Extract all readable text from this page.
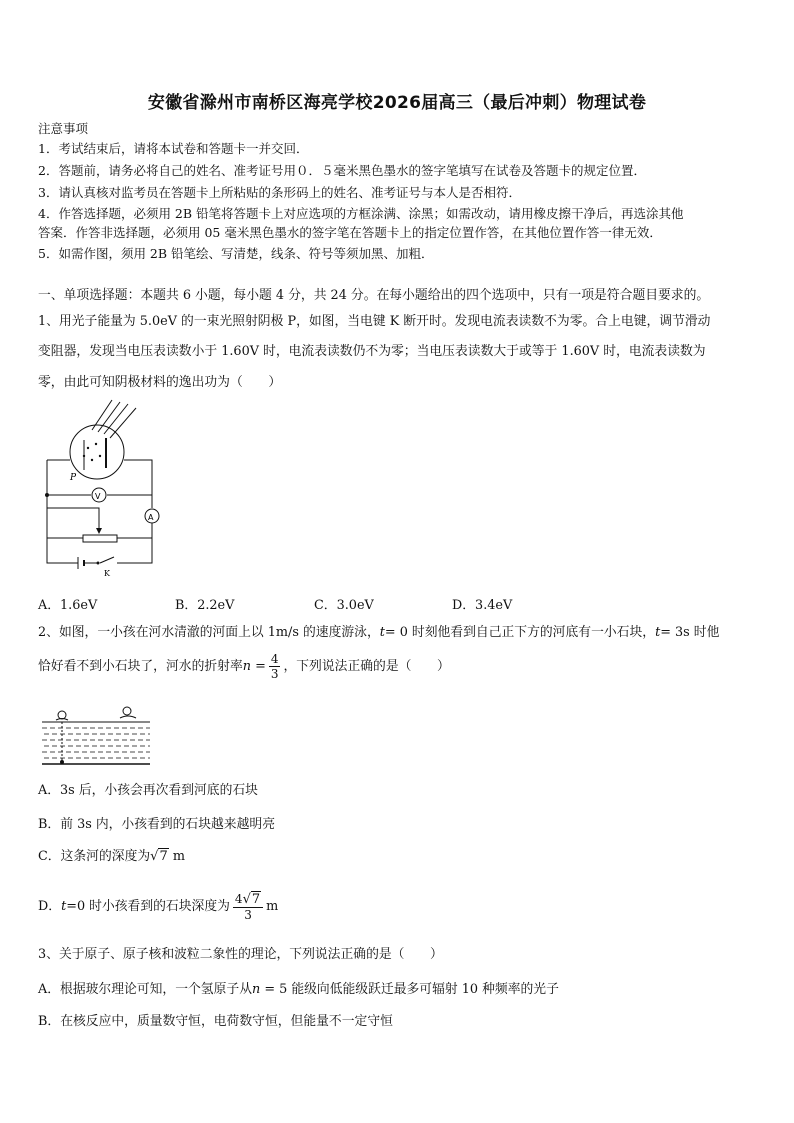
安徽省滁州市南桥区海亮学校2026届高三（最后冲刺）物理试卷
注意事项
1．考试结束后，请将本试卷和答题卡一并交回．
2．答题前，请务必将自己的姓名、准考证号用０．５毫米黑色墨水的签字笔填写在试卷及答题卡的规定位置．
3．请认真核对监考员在答题卡上所粘贴的条形码上的姓名、准考证号与本人是否相符．
4．作答选择题，必须用 2B 铅笔将答题卡上对应选项的方框涂满、涂黑；如需改动，请用橡皮擦干净后，再选涂其他
答案．作答非选择题，必须用 05 毫米黑色墨水的签字笔在答题卡上的指定位置作答，在其他位置作答一律无效．
5．如需作图，须用 2B 铅笔绘、写清楚，线条、符号等须加黑、加粗．
一、单项选择题：本题共 6 小题，每小题 4 分，共 24 分。在每小题给出的四个选项中，只有一项是符合题目要求的。
1、用光子能量为 5.0eV 的一束光照射阴极 P，如图，当电键 K 断开时。发现电流表读数不为零。合上电键，调节滑动
变阻器，发现当电压表读数小于 1.60V 时，电流表读数仍不为零；当电压表读数大于或等于 1.60V 时，电流表读数为
零，由此可知阴极材料的逸出功为（　　）
P
V
A
K
A．1.6eV	B．2.2eV	C．3.0eV	D．3.4eV
2、如图，一小孩在河水清澈的河面上以 1m/s 的速度游泳，t= 0 时刻他看到自己正下方的河底有一小石块，t= 3s 时他
恰好看不到小石块了，河水的折射率$n = \frac{4}{3}$ ，下列说法正确的是（　　）
A．3s 后，小孩会再次看到河底的石块
B．前 3s 内，小孩看到的石块越来越明亮
C．这条河的深度为√7 m
D．t=0 时小孩看到的石块深度为 $\frac{4√7}{3}$ m
3、关于原子、原子核和波粒二象性的理论，下列说法正确的是（　　）
A．根据玻尔理论可知，一个氢原子从n = 5 能级向低能级跃迁最多可辐射 10 种频率的光子
B．在核反应中，质量数守恒，电荷数守恒，但能量不一定守恒
